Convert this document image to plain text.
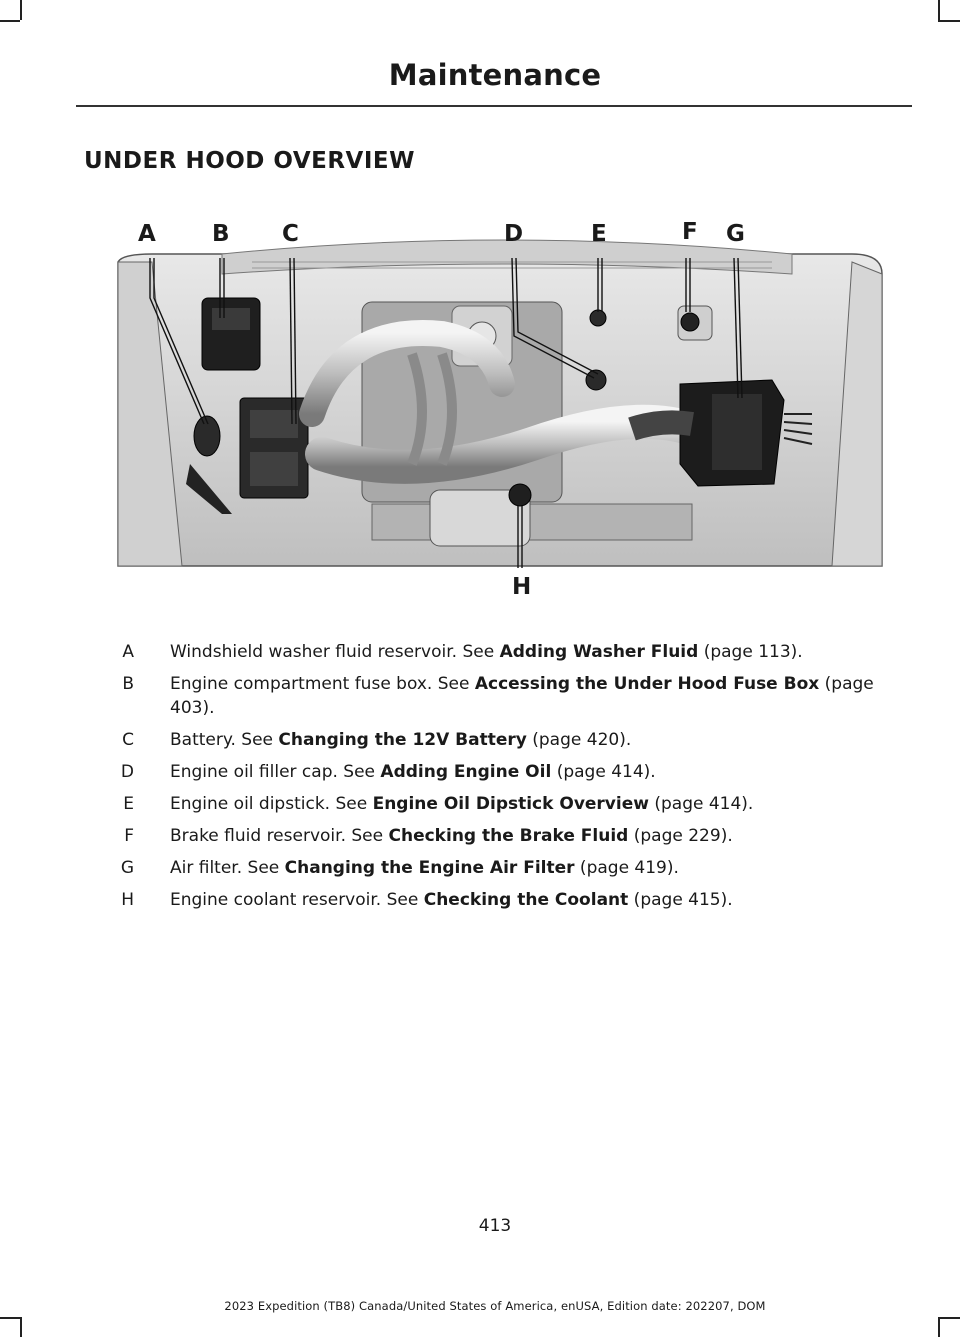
Maintenance
UNDER HOOD OVERVIEW
A B C	D	E	F G
H
A Windshield washer fluid reservoir. See Adding Washer Fluid (page 113).
B Engine compartment fuse box. See Accessing the Under Hood Fuse Box (page 403).
C Battery. See Changing the 12V Battery (page 420).
D Engine oil filler cap. See Adding Engine Oil (page 414).
E Engine oil dipstick. See Engine Oil Dipstick Overview (page 414).
F Brake fluid reservoir. See Checking the Brake Fluid (page 229).
G Air filter. See Changing the Engine Air Filter (page 419).
H Engine coolant reservoir. See Checking the Coolant (page 415).
413
2023 Expedition (TB8) Canada/United States of America, enUSA, Edition date: 202207, DOM
